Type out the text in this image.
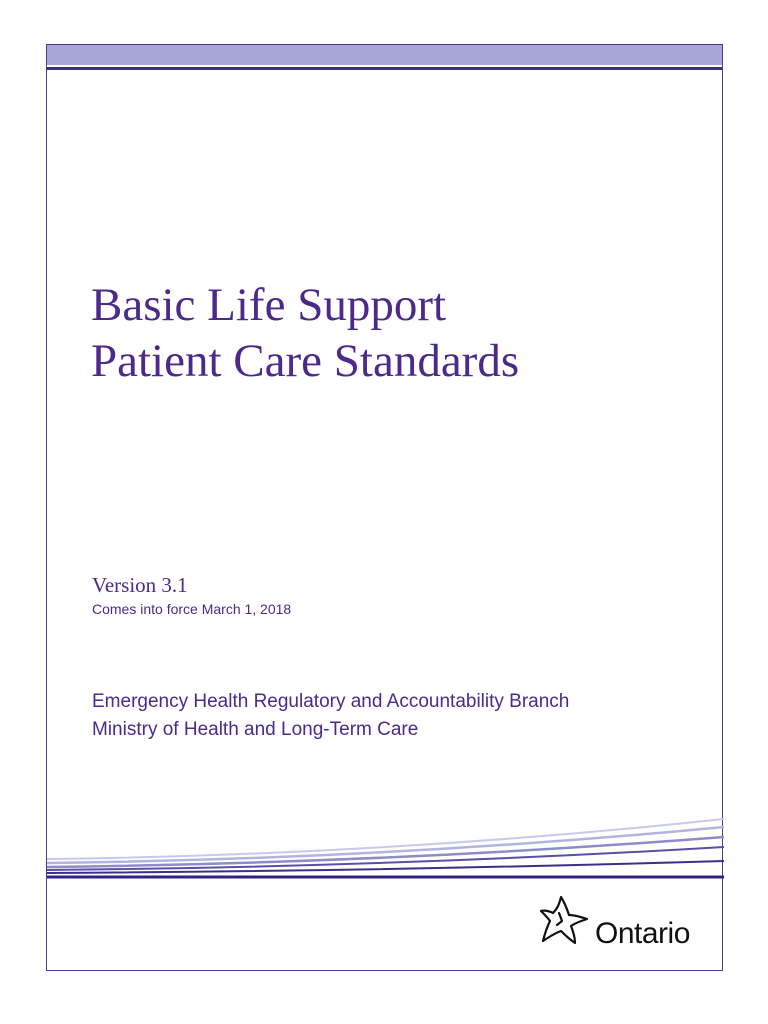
Basic Life Support
Patient Care Standards
Version 3.1
Comes into force March 1, 2018
Emergency Health Regulatory and Accountability Branch
Ministry of Health and Long-Term Care
Ontario
